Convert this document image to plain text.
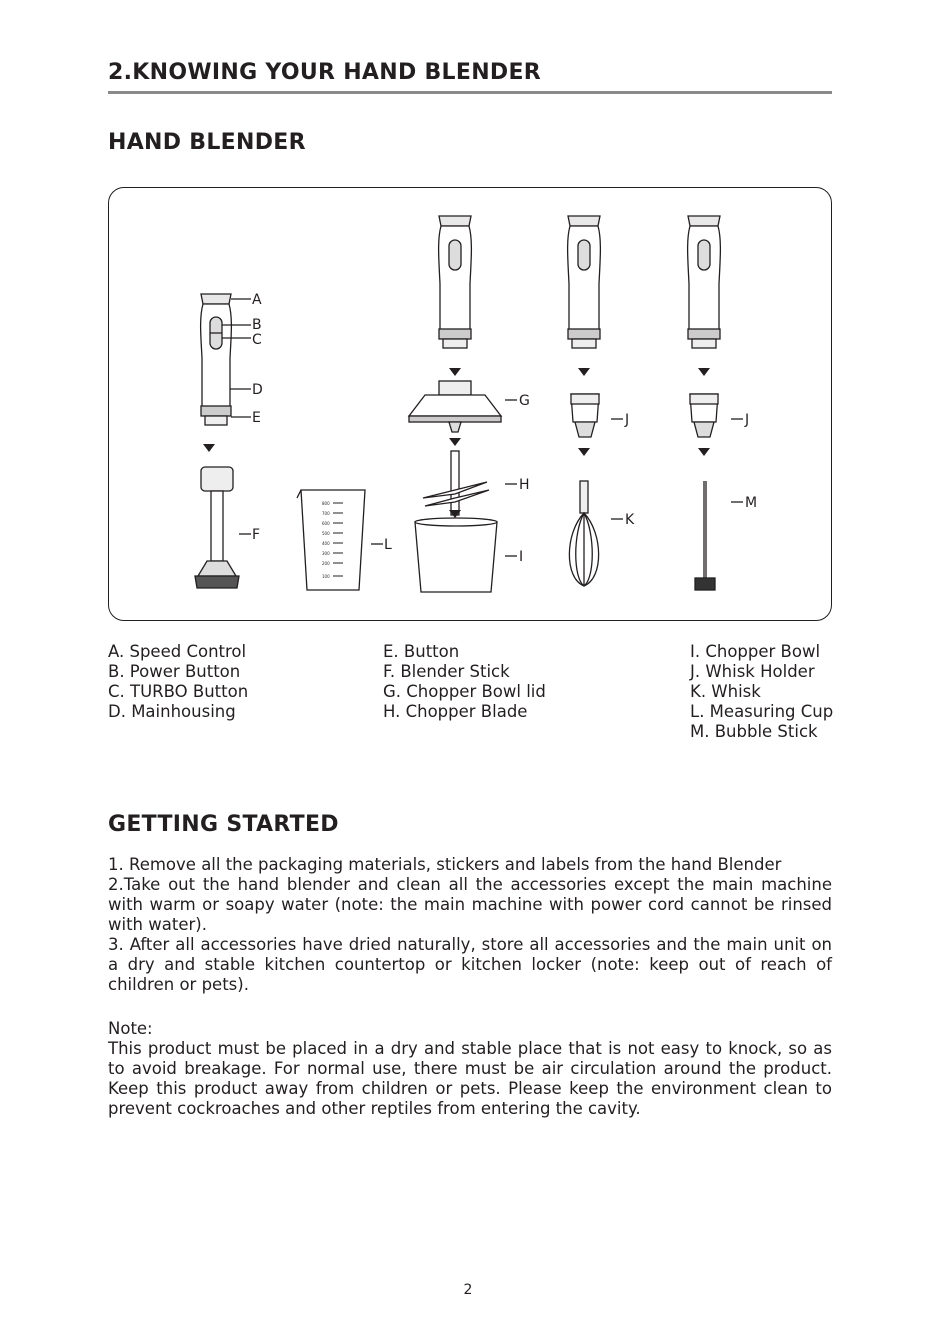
2.KNOWING YOUR HAND BLENDER
HAND BLENDER
A
B
C
D
E
F
L
G
H
I
J
K
J
M
800
700
600
500
400
300
200
100
A. Speed Control
B. Power Button
C. TURBO Button
D. Mainhousing
E. Button
F. Blender Stick
G. Chopper Bowl lid
H. Chopper Blade
I. Chopper Bowl
J. Whisk Holder
K. Whisk
L. Measuring Cup
M. Bubble Stick
GETTING STARTED

1. Remove all the packaging materials, stickers and labels from the hand Blender

2.Take out the hand blender and clean all the accessories except the main machine with warm or soapy water (note: the main machine with power cord cannot be rinsed with water).

3. After all accessories have dried naturally, store all accessories and the main unit on a dry and stable kitchen countertop or kitchen locker (note: keep out of reach of children or pets).

Note:
This product must be placed in a dry and stable place that is not easy to knock, so as to avoid breakage. For normal use, there must be air circulation around the product. Keep this product away from children or pets. Please keep the environment clean to prevent cockroaches and other reptiles from entering the cavity.
2
